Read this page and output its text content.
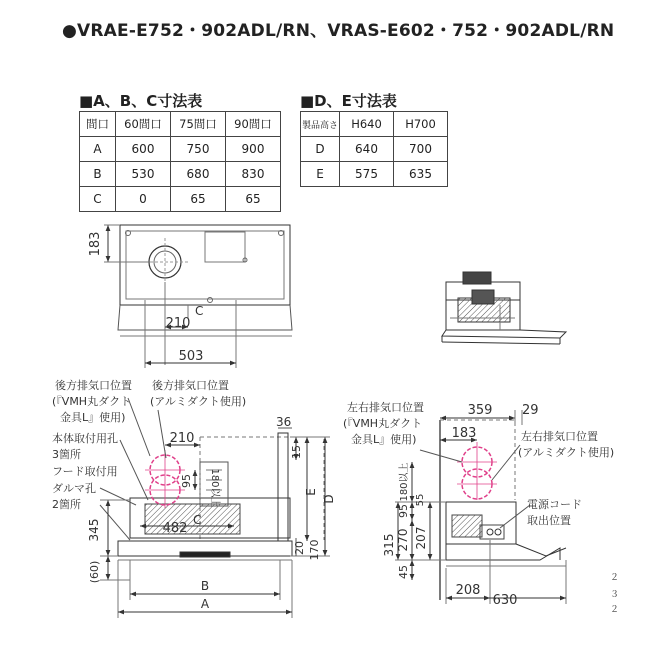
●VRAE-E752・902ADL/RN、VRAS-E602・752・902ADL/RN
■A、B、C寸法表
間口	60間口	75間口	90間口
A	600	750	900
B	530	680	830
C	0	65	65
■D、E寸法表
製品高さ	H640	H700
D	640	700
E	575	635
183
C
210
503
後方排気口位置
(『VMH丸ダクト
金具L』使用)
後方排気口位置
(アルミダクト使用)
本体取付用孔
3箇所
フード取付用
ダルマ孔
2箇所
36
15
210
95 180以上
482
C
E
D
20 170
345
(60)
B
A
左右排気口位置
(『VMH丸ダクト
金具L』使用)	左右排気口位置
(アルミダクト使用)
電源コード
取出位置
359 29
183
180以上
95
55
315 270 207
45
208
630
２
３
２
